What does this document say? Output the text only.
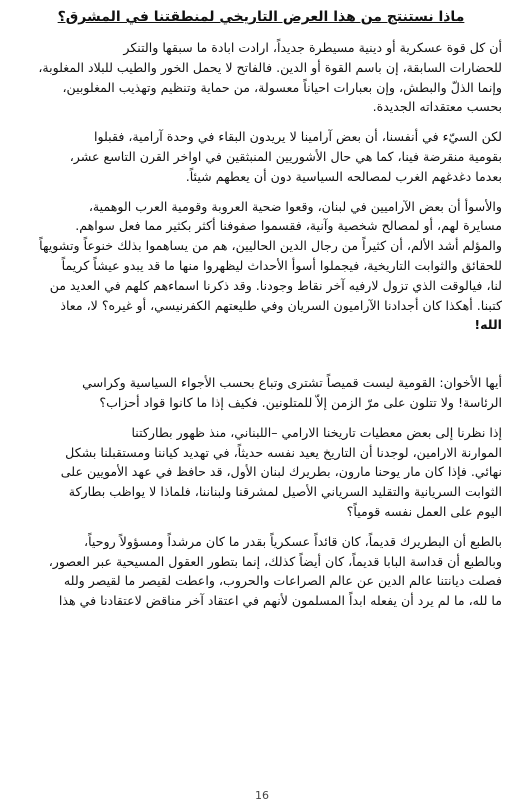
ماذا نستنتج من هذا العرض التاريخي لمنطقتنا في المشرق؟
أن كل قوة عسكرية أو دينية مسيطرة جديداً، ارادت ابادة ما سبقها والتنكر
للحضارات السابقة، إن باسم القوة أو الدين. فالفاتح لا يحمل الخور والطيب للبلاد المغلوبة،
وإنما الذلّ والبطش، وإن بعبارات احياناً معسولة، من حماية وتنظيم وتهذيب المغلوبين،
بحسب معتقداته الجديدة.
لكن السيّء في أنفسنا، أن بعض آرامينا لا يريدون البقاء في وحدة آرامية، فقبلوا
بقومية منقرضة فينا، كما هي حال الأشوريين المنبثقين في اواخر القرن التاسع عشر،
بعدما دغدغهم الغرب لمصالحه السياسية دون أن يعطهم شيئاً.
والأسوأ أن بعض الآراميين في لبنان، وقعوا ضحية العروبة وقومية العرب الوهمية،
مسايرة لهم، أو لمصالح شخصية وآنية، فقسموا صفوفنا أكثر بكثير مما فعل سواهم.
والمؤلم أشد الألم، أن كثيراً من رجال الدين الحاليين، هم من يساهموا بذلك خنوعاً وتشويهاً
للحقائق والثوابت التاريخية، فيجملوا أسوأ الأحداث ليظهروا منها ما قد يبدو عيشاً كريماً
لنا، فيالوقت الذي تزول لارفيه آخر نقاط وجودنا. وقد ذكرنا اسماءهم كلهم في العديد من
كتبنا. أهكذا كان أجدادنا الآراميون السريان وفي طليعتهم الكفرنيسي، أو غيره؟ لا، معاذ
الله!
أيها الأخوان: القومية ليست قميصاً تشترى وتباع بحسب الأجواء السياسية وكراسي
الرئاسة! ولا تتلون على مرّ الزمن إلاّ للمتلونين. فكيف إذا ما كانوا قواد أحزاب؟
إذا نظرنا إلى بعض معطيات تاريخنا الارامي –اللبناني، منذ ظهور بطاركتنا
الموارنة الارامين، لوجدنا أن التاريخ يعيد نفسه حديثاً، في تهديد كياننا ومستقبلنا بشكل
نهائي. فإذا كان مار يوحنا مارون، بطريرك لبنان الأول، قد حافظ في عهد الأمويين على
الثوابت السريانية والتقليد السرياني الأصيل لمشرقنا ولبناننا، فلماذا لا يواظب بطاركة
اليوم على العمل نفسه قومياً؟
بالطبع أن البطريرك قديماً، كان قائداً عسكرياً بقدر ما كان مرشداً ومسؤولاً روحياً،
وبالطبع أن قداسة البابا قديماً، كان أيضاً كذلك، إنما بتطور العقول المسيحية عبر العصور،
فصلت ديانتنا عالم الدين عن عالم الصراعات والحروب، واعطت لقيصر ما لقيصر ولله
ما لله، ما لم يرد أن يفعله ابداً المسلمون لأنهم في اعتقاد آخر مناقض لاعتقادنا في هذا
16
